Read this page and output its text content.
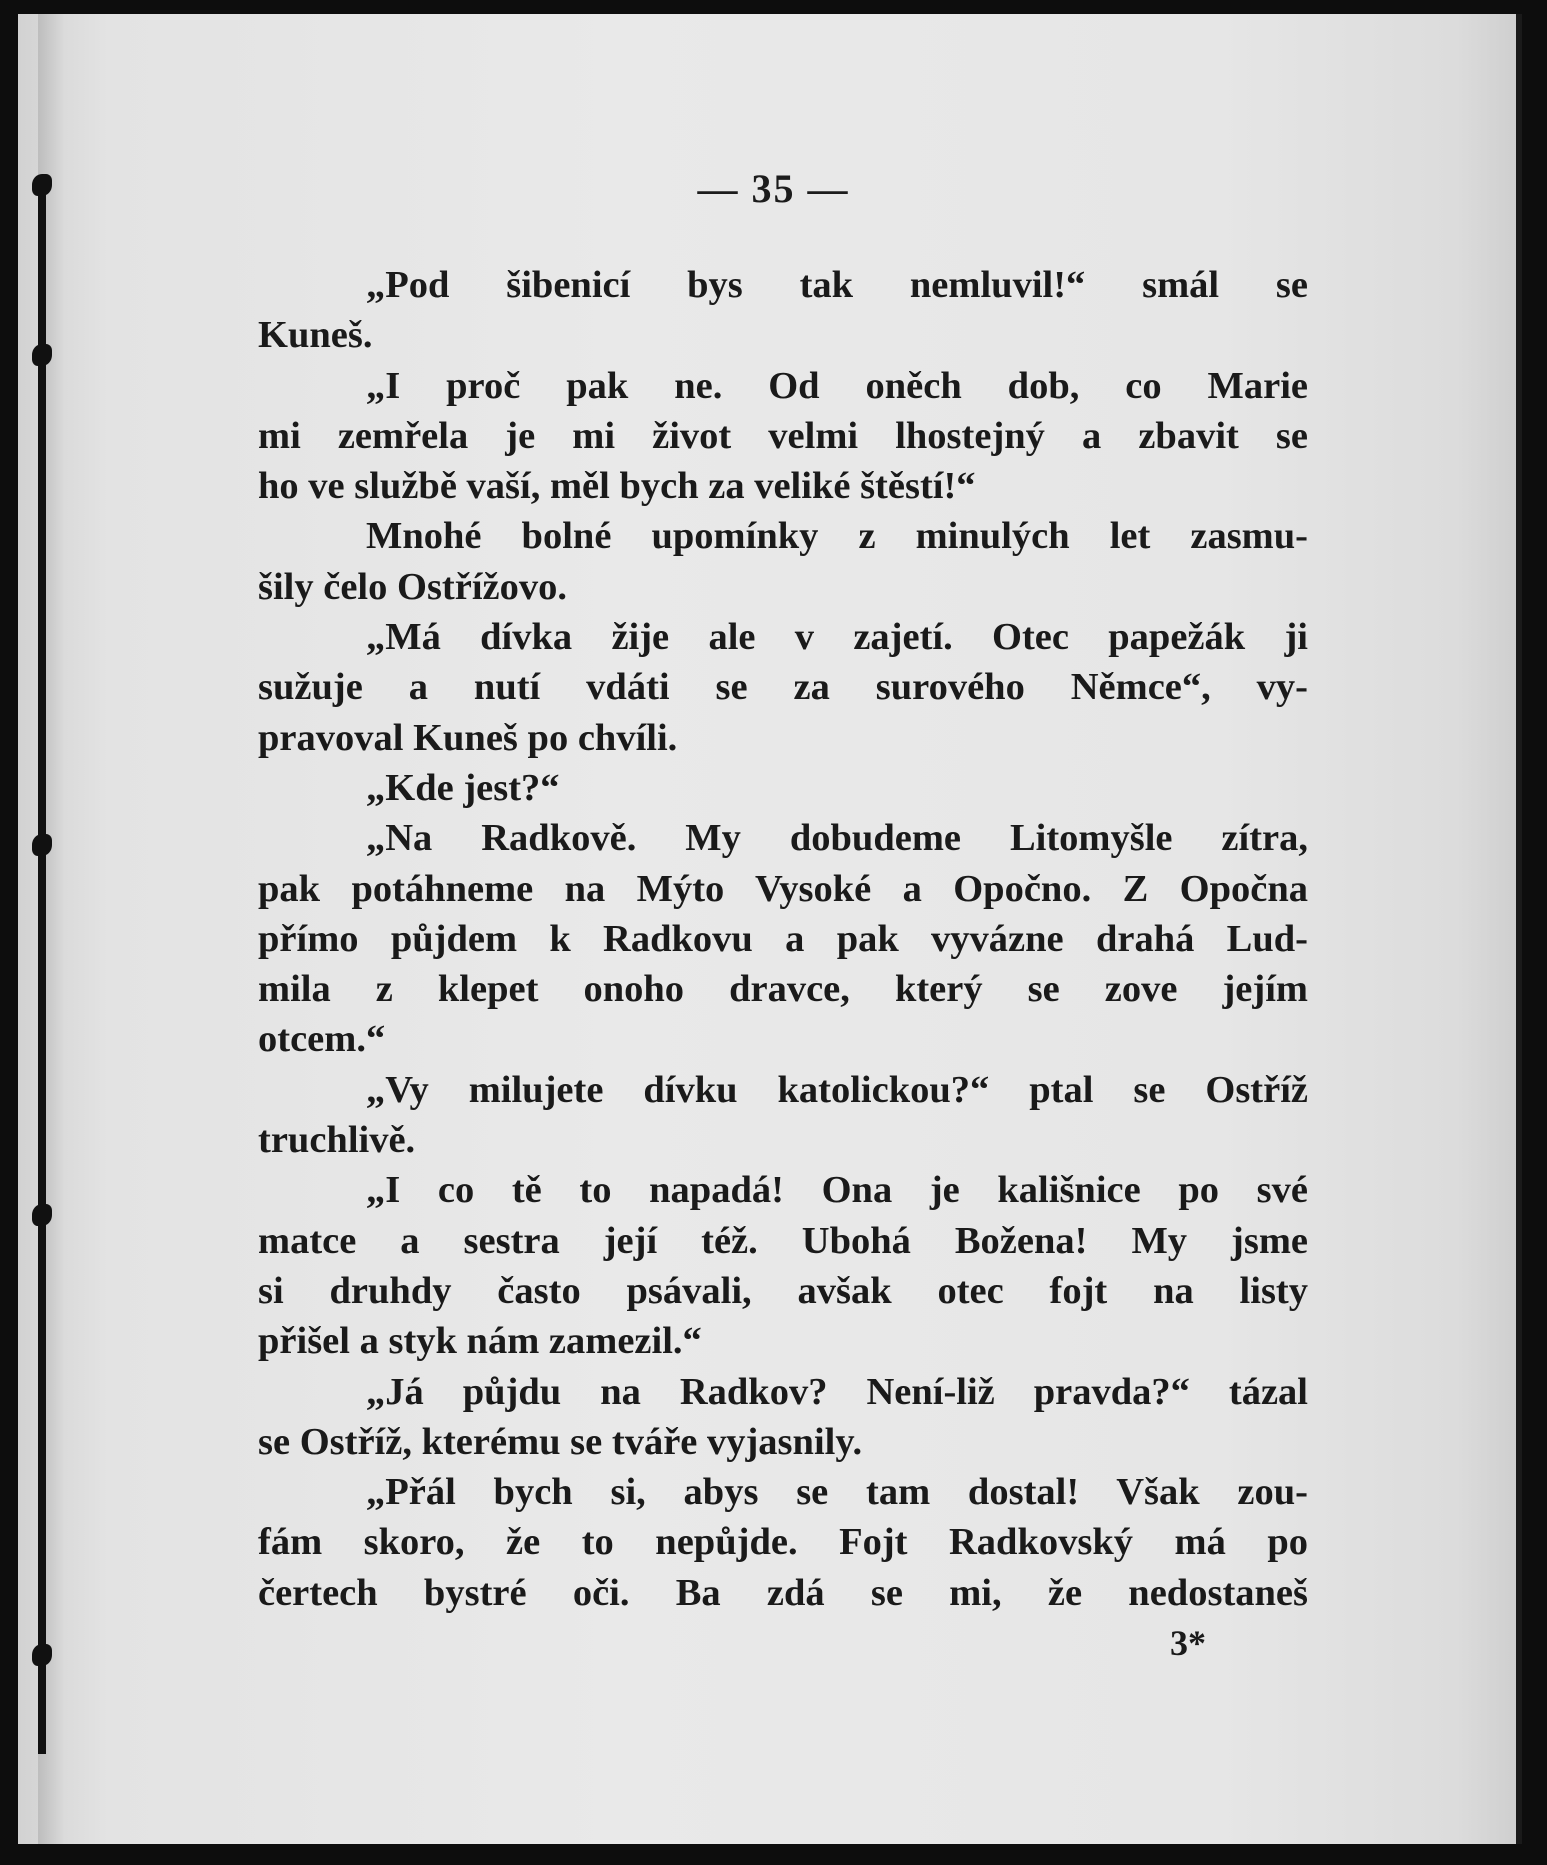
— 35 —
„Pod šibenicí bys tak nemluvil!“ smál se
Kuneš.
„I proč pak ne. Od oněch dob, co Marie
mi zemřela je mi život velmi lhostejný a zbavit se
ho ve službě vaší, měl bych za veliké štěstí!“
Mnohé bolné upomínky z minulých let zasmu-
šily čelo Ostřížovo.
„Má dívka žije ale v zajetí. Otec papežák ji
sužuje a nutí vdáti se za surového Němce“, vy-
pravoval Kuneš po chvíli.
„Kde jest?“
„Na Radkově. My dobudeme Litomyšle zítra,
pak potáhneme na Mýto Vysoké a Opočno. Z Opočna
přímo půjdem k Radkovu a pak vyvázne drahá Lud-
mila z klepet onoho dravce, který se zove jejím
otcem.“
„Vy milujete dívku katolickou?“ ptal se Ostříž
truchlivě.
„I co tě to napadá! Ona je kališnice po své
matce a sestra její též. Ubohá Božena! My jsme
si druhdy často psávali, avšak otec fojt na listy
přišel a styk nám zamezil.“
„Já půjdu na Radkov? Není-liž pravda?“ tázal
se Ostříž, kterému se tváře vyjasnily.
„Přál bych si, abys se tam dostal! Však zou-
fám skoro, že to nepůjde. Fojt Radkovský má po
čertech bystré oči. Ba zdá se mi, že nedostaneš
3*
